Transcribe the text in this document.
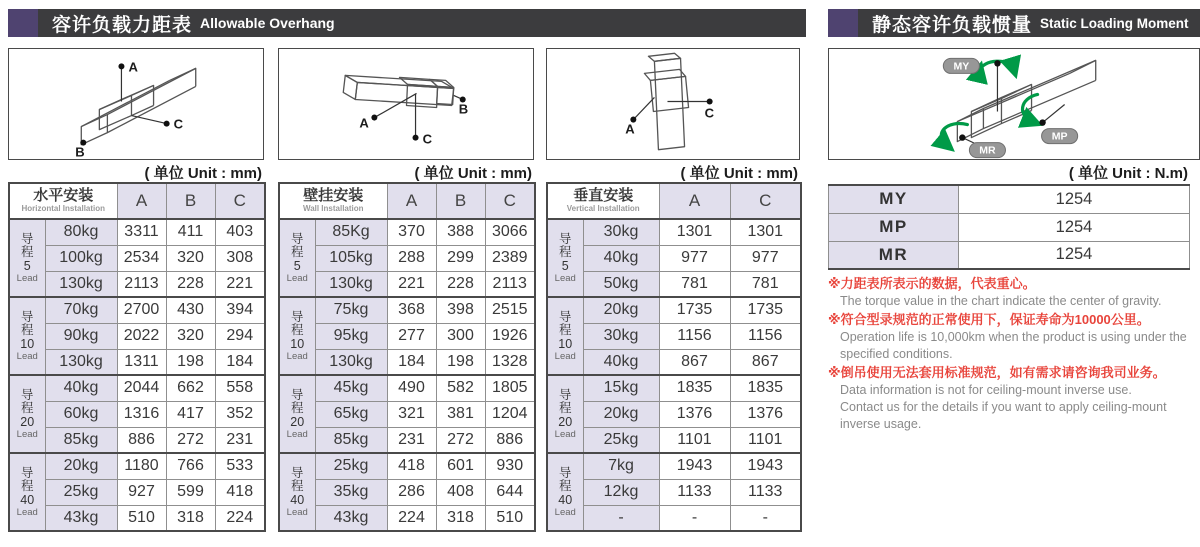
容许负载力距表 Allowable Overhang	静态容许负载惯量 Static Loading Moment
A
C
B
A
C
B
A
C
MY
MP
MR
( 单位 Unit : mm)	( 单位 Unit : mm)	( 单位 Unit : mm)	( 单位 Unit : N.m)
水平安装
Horizontal Installation		A	B	C

导
程
5
Lead	80kg	3311	411	403
	100kg	2534	320	308
	130kg	2113	228	221

导
程
10
Lead	70kg	2700	430	394
	90kg	2022	320	294
	130kg	1311	198	184

导
程
20
Lead	40kg	2044	662	558
	60kg	1316	417	352
	85kg	886	272	231

导
程
40
Lead	20kg	1180	766	533
	25kg	927	599	418
	43kg	510	318	224
壁挂安装
Wall Installation		A	B	C

导
程
5
Lead	85Kg	370	388	3066
	105kg	288	299	2389
	130kg	221	228	2113

导
程
10
Lead	75kg	368	398	2515
	95kg	277	300	1926
	130kg	184	198	1328

导
程
20
Lead	45kg	490	582	1805
	65kg	321	381	1204
	85kg	231	272	886

导
程
40
Lead	25kg	418	601	930
	35kg	286	408	644
	43kg	224	318	510
垂直安装
Vertical Installation		A	C

导
程
5
Lead	30kg	1301	1301
	40kg	977	977
	50kg	781	781

导
程
10
Lead	20kg	1735	1735
	30kg	1156	1156
	40kg	867	867

导
程
20
Lead	15kg	1835	1835
	20kg	1376	1376
	25kg	1101	1101

导
程
40
Lead	7kg	1943	1943
	12kg	1133	1133
	-	-	-
MY	1254
MP	1254
MR	1254
※力距表所表示的数据，代表重心。
The torque value in the chart indicate the center of gravity.
※符合型录规范的正常使用下，保证寿命为10000公里。
Operation life is 10,000km when the product is using under the
specified conditions.
※倒吊使用无法套用标准规范，如有需求请咨询我司业务。
Data information is not for ceiling-mount inverse use.
Contact us for the details if you want to apply ceiling-mount
inverse usage.
